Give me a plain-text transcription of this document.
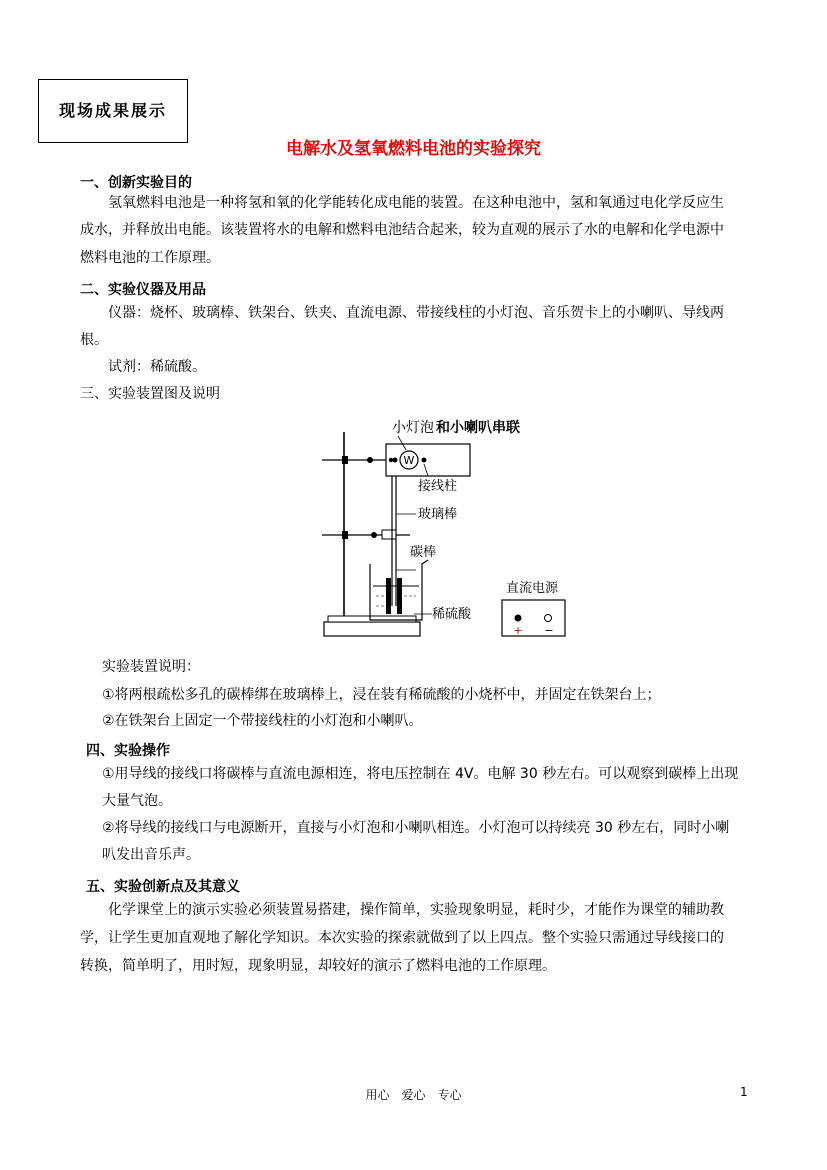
现场成果展示
电解水及氢氧燃料电池的实验探究
一、创新实验目的
氢氧燃料电池是一种将氢和氧的化学能转化成电能的装置。在这种电池中，氢和氧通过电化学反应生
成水，并释放出电能。该装置将水的电解和燃料电池结合起来，较为直观的展示了水的电解和化学电源中
燃料电池的工作原理。
二、实验仪器及用品
仪器：烧杯、玻璃棒、铁架台、铁夹、直流电源、带接线柱的小灯泡、音乐贺卡上的小喇叭、导线两
根。
试剂：稀硫酸。
三、实验装置图及说明
W
+ −
小灯泡 和小喇叭串联
接线柱
玻璃棒
碳棒
稀硫酸
直流电源
实验装置说明：
①将两根疏松多孔的碳棒绑在玻璃棒上，浸在装有稀硫酸的小烧杯中，并固定在铁架台上；
②在铁架台上固定一个带接线柱的小灯泡和小喇叭。
四、实验操作
①用导线的接线口将碳棒与直流电源相连，将电压控制在 4V。电解 30 秒左右。可以观察到碳棒上出现
大量气泡。
②将导线的接线口与电源断开，直接与小灯泡和小喇叭相连。小灯泡可以持续亮 30 秒左右，同时小喇
叭发出音乐声。
五、实验创新点及其意义
化学课堂上的演示实验必须装置易搭建，操作简单，实验现象明显，耗时少，才能作为课堂的辅助教
学，让学生更加直观地了解化学知识。本次实验的探索就做到了以上四点。整个实验只需通过导线接口的
转换，简单明了，用时短，现象明显，却较好的演示了燃料电池的工作原理。
用心　爱心　专心	1
